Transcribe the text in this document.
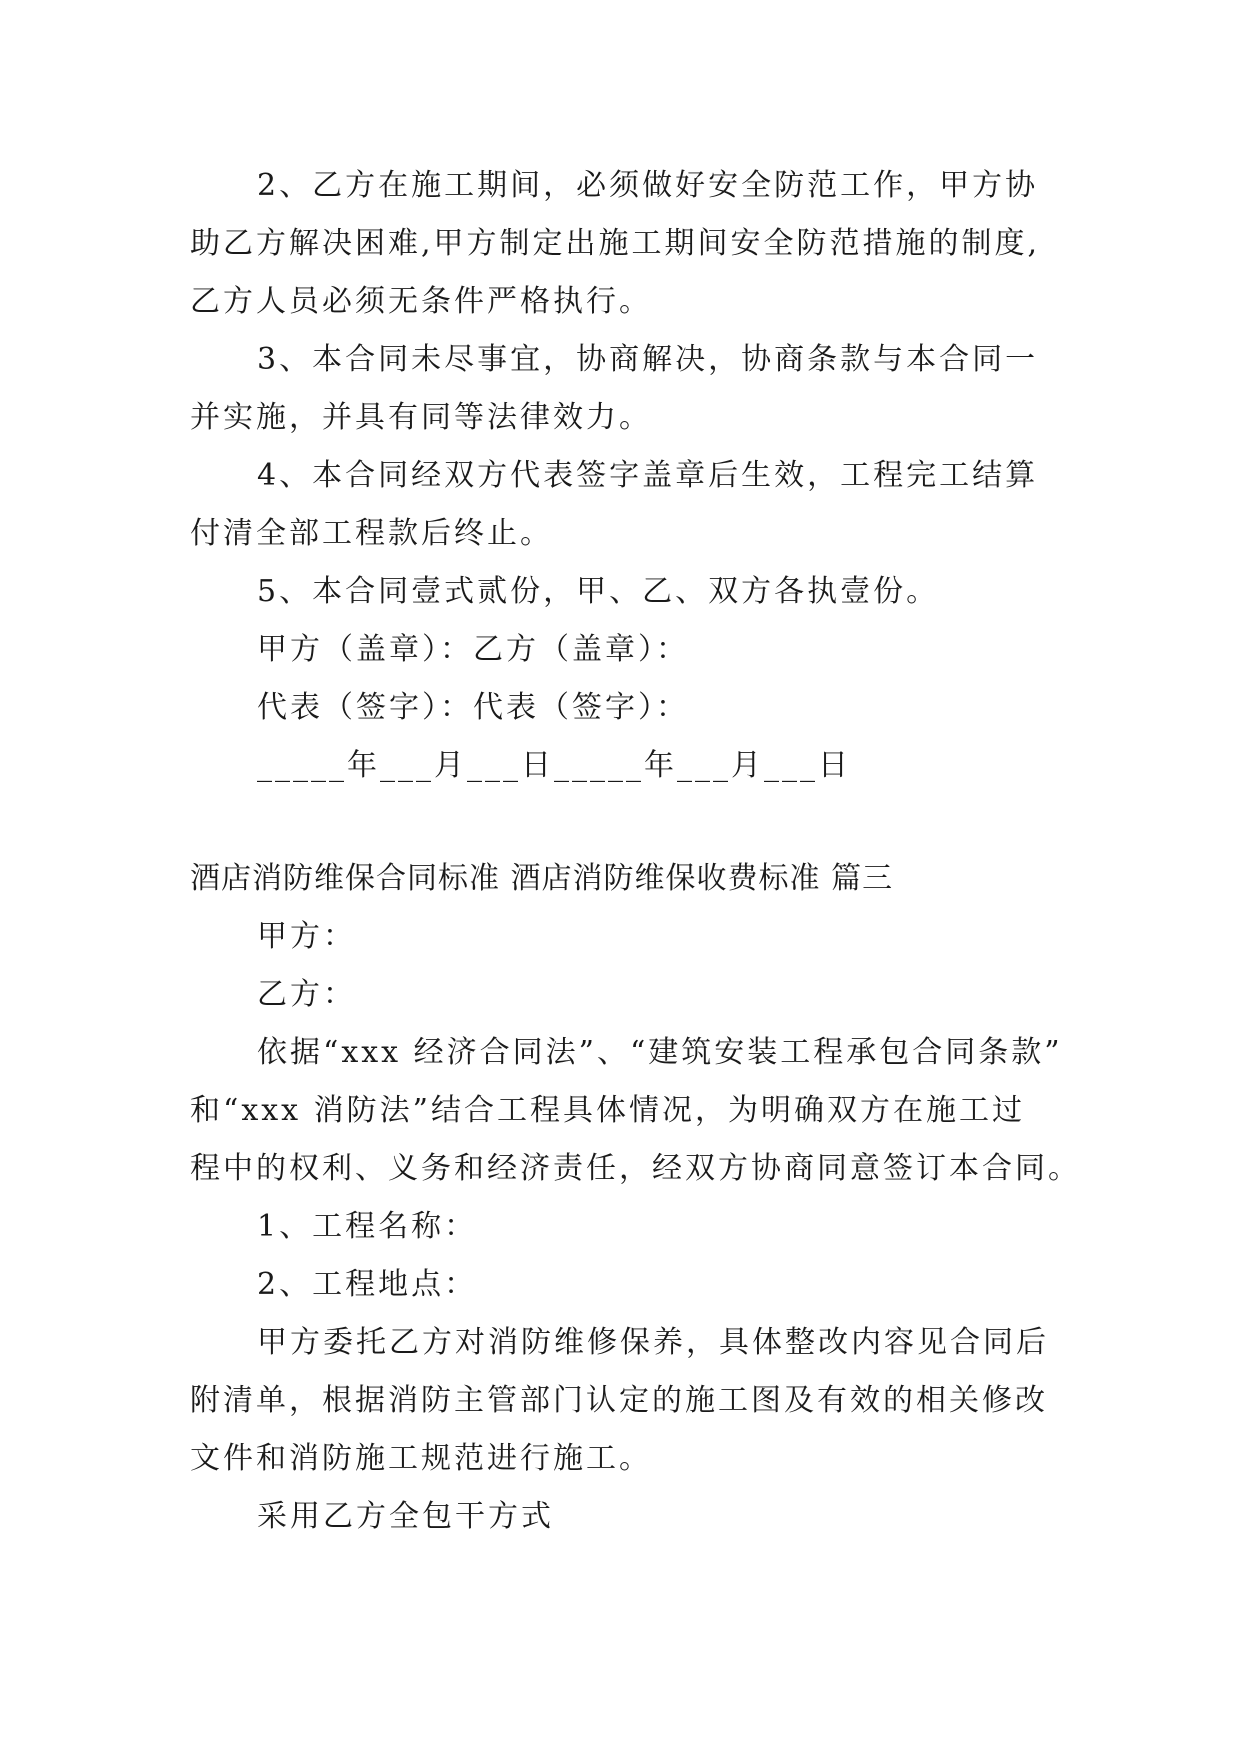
2、乙方在施工期间，必须做好安全防范工作，甲方协
助乙方解决困难,甲方制定出施工期间安全防范措施的制度,
乙方人员必须无条件严格执行。
3、本合同未尽事宜，协商解决，协商条款与本合同一
并实施，并具有同等法律效力。
4、本合同经双方代表签字盖章后生效，工程完工结算
付清全部工程款后终止。
5、本合同壹式贰份，甲、乙、双方各执壹份。
甲方（盖章）：乙方（盖章）：
代表（签字）：代表（签字）：
_____年___月___日_____年___月___日
酒店消防维保合同标准 酒店消防维保收费标准 篇三
甲方：
乙方：
依据“xxx 经济合同法”、“建筑安装工程承包合同条款”
和“xxx 消防法”结合工程具体情况，为明确双方在施工过
程中的权利、义务和经济责任，经双方协商同意签订本合同。
1、工程名称：
2、工程地点：
甲方委托乙方对消防维修保养，具体整改内容见合同后
附清单，根据消防主管部门认定的施工图及有效的相关修改
文件和消防施工规范进行施工。
采用乙方全包干方式
